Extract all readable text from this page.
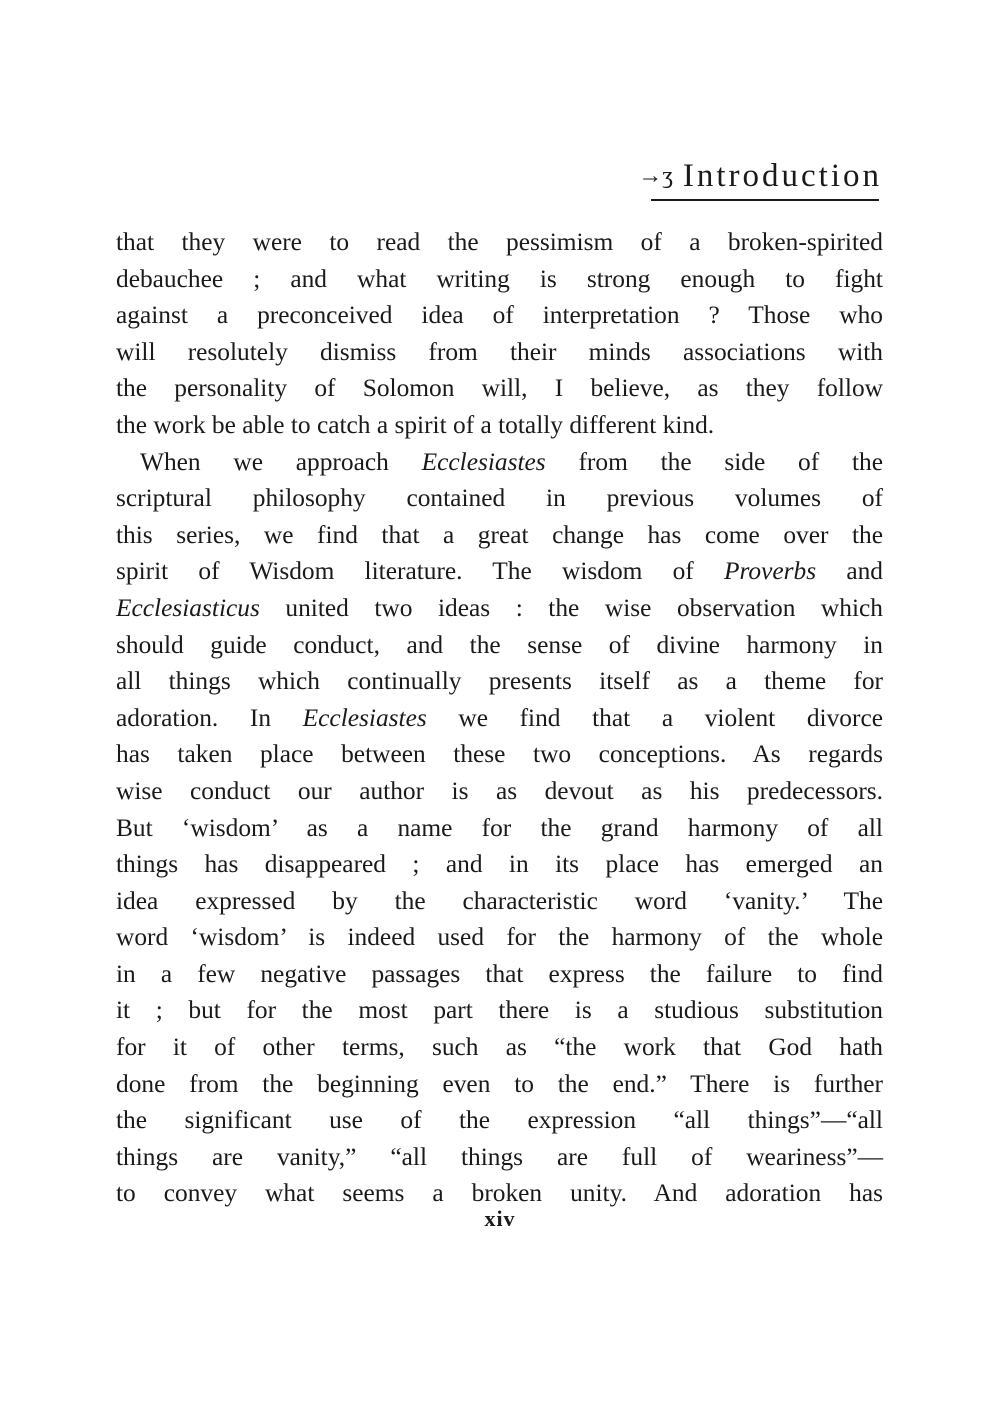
→ʒ Introduction
that they were to read the pessimism of a broken-spirited
debauchee ; and what writing is strong enough to fight
against a preconceived idea of interpretation ? Those who
will resolutely dismiss from their minds associations with
the personality of Solomon will, I believe, as they follow
the work be able to catch a spirit of a totally different kind.
When we approach Ecclesiastes from the side of the
scriptural philosophy contained in previous volumes of
this series, we find that a great change has come over the
spirit of Wisdom literature. The wisdom of Proverbs and
Ecclesiasticus united two ideas : the wise observation which
should guide conduct, and the sense of divine harmony in
all things which continually presents itself as a theme for
adoration. In Ecclesiastes we find that a violent divorce
has taken place between these two conceptions. As regards
wise conduct our author is as devout as his predecessors.
But ‘wisdom’ as a name for the grand harmony of all
things has disappeared ; and in its place has emerged an
idea expressed by the characteristic word ‘vanity.’ The
word ‘wisdom’ is indeed used for the harmony of the whole
in a few negative passages that express the failure to find
it ; but for the most part there is a studious substitution
for it of other terms, such as “the work that God hath
done from the beginning even to the end.” There is further
the significant use of the expression “all things”—“all
things are vanity,” “all things are full of weariness”—
to convey what seems a broken unity. And adoration has
xiv
